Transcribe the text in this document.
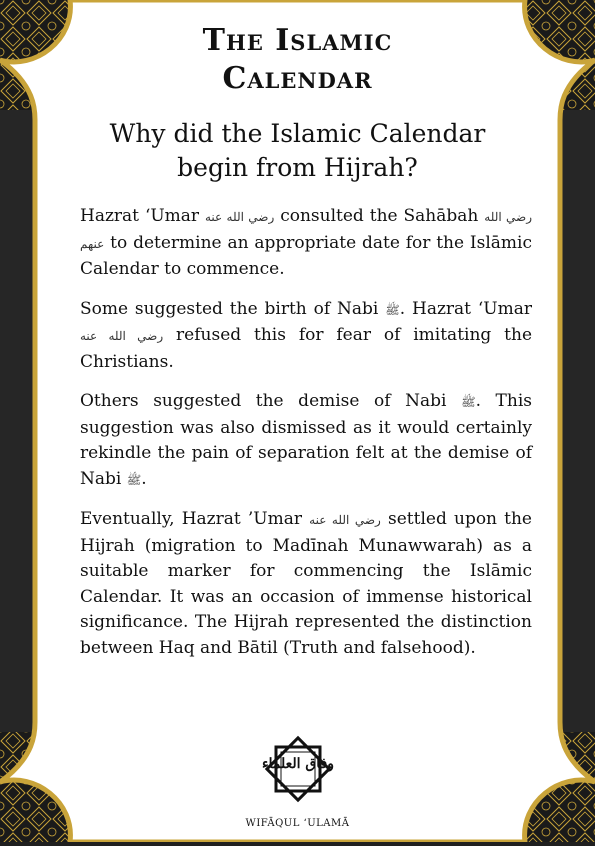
The Islamic
Calendar
Why did the Islamic Calendar
begin from Hijrah?

Hazrat ‘Umar رضي الله عنه consulted the Sahābah رضي الله عنهم to determine an appropriate date for the Islāmic Calendar to commence.

Some suggested the birth of Nabi ﷺ. Hazrat ‘Umar رضي الله عنه refused this for fear of imitating the Christians.

Others suggested the demise of Nabi ﷺ. This suggestion was also dismissed as it would certainly rekindle the pain of separation felt at the demise of Nabi ﷺ.

Eventually, Hazrat ’Umar رضي الله عنه settled upon the Hijrah (migration to Madīnah Munawwarah) as a suitable marker for commencing the Islāmic Calendar. It was an occasion of immense historical significance. The Hijrah represented the distinction between Haq and Bātil (Truth and falsehood).

وفاق العلماء
WIFĀQUL ‘ULAMĀ
